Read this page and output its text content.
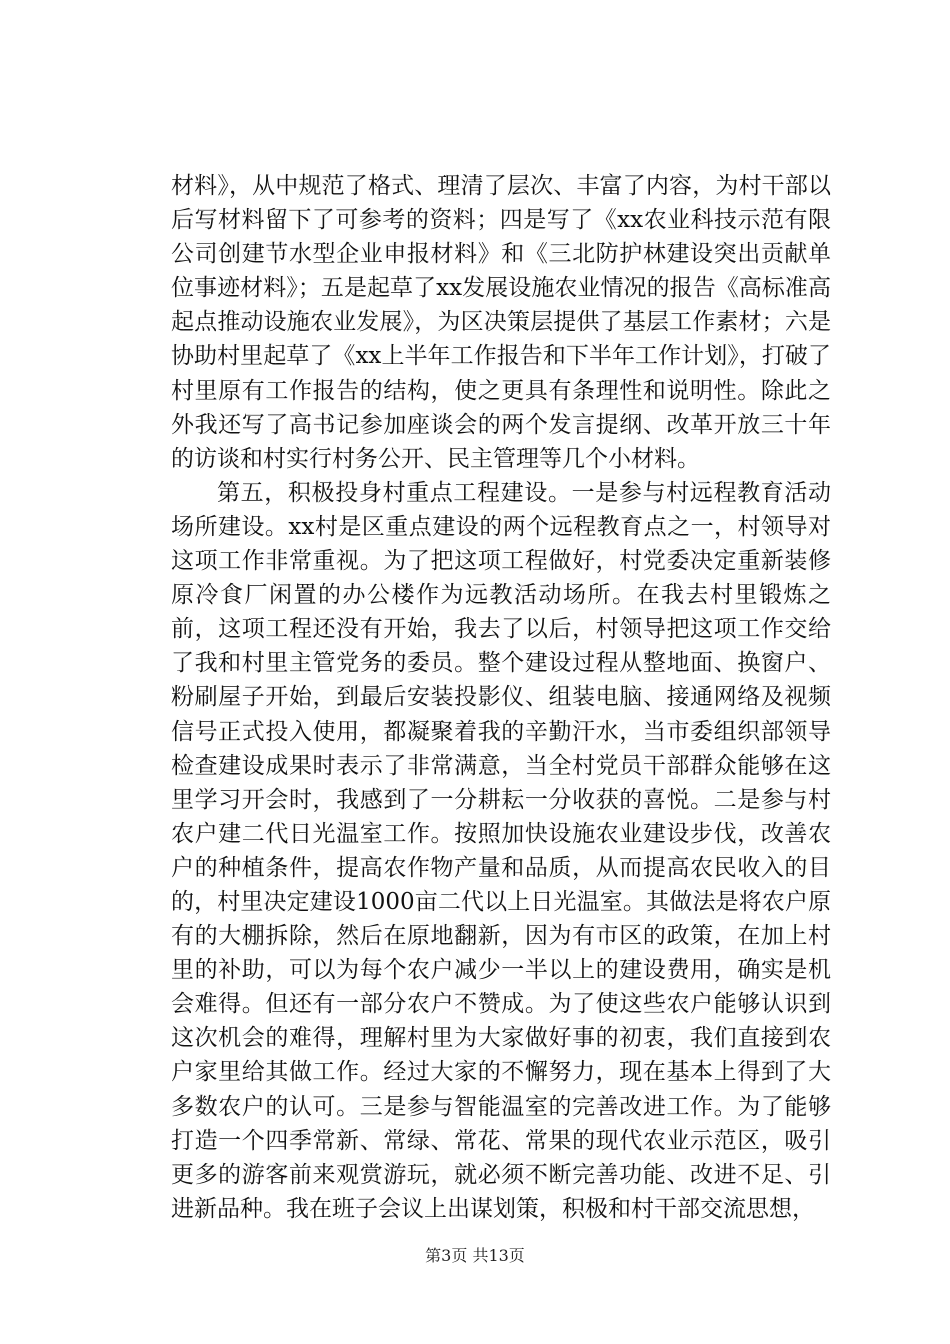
材料》，从中规范了格式、理清了层次、丰富了内容，为村干部以后写材料留下了可参考的资料；四是写了《xx农业科技示范有限公司创建节水型企业申报材料》和《三北防护林建设突出贡献单位事迹材料》；五是起草了xx发展设施农业情况的报告《高标准高起点推动设施农业发展》，为区决策层提供了基层工作素材；六是协助村里起草了《xx上半年工作报告和下半年工作计划》，打破了村里原有工作报告的结构，使之更具有条理性和说明性。除此之外我还写了高书记参加座谈会的两个发言提纲、改革开放三十年的访谈和村实行村务公开、民主管理等几个小材料。

第五，积极投身村重点工程建设。一是参与村远程教育活动场所建设。xx村是区重点建设的两个远程教育点之一，村领导对这项工作非常重视。为了把这项工程做好，村党委决定重新装修原冷食厂闲置的办公楼作为远教活动场所。在我去村里锻炼之前，这项工程还没有开始，我去了以后，村领导把这项工作交给了我和村里主管党务的委员。整个建设过程从整地面、换窗户、粉刷屋子开始，到最后安装投影仪、组装电脑、接通网络及视频信号正式投入使用，都凝聚着我的辛勤汗水，当市委组织部领导检查建设成果时表示了非常满意，当全村党员干部群众能够在这里学习开会时，我感到了一分耕耘一分收获的喜悦。二是参与村农户建二代日光温室工作。按照加快设施农业建设步伐，改善农户的种植条件，提高农作物产量和品质，从而提高农民收入的目的，村里决定建设1000亩二代以上日光温室。其做法是将农户原有的大棚拆除，然后在原地翻新，因为有市区的政策，在加上村里的补助，可以为每个农户减少一半以上的建设费用，确实是机会难得。但还有一部分农户不赞成。为了使这些农户能够认识到这次机会的难得，理解村里为大家做好事的初衷，我们直接到农户家里给其做工作。经过大家的不懈努力，现在基本上得到了大多数农户的认可。三是参与智能温室的完善改进工作。为了能够打造一个四季常新、常绿、常花、常果的现代农业示范区，吸引更多的游客前来观赏游玩，就必须不断完善功能、改进不足、引进新品种。我在班子会议上出谋划策，积极和村干部交流思想，

第3页 共13页
